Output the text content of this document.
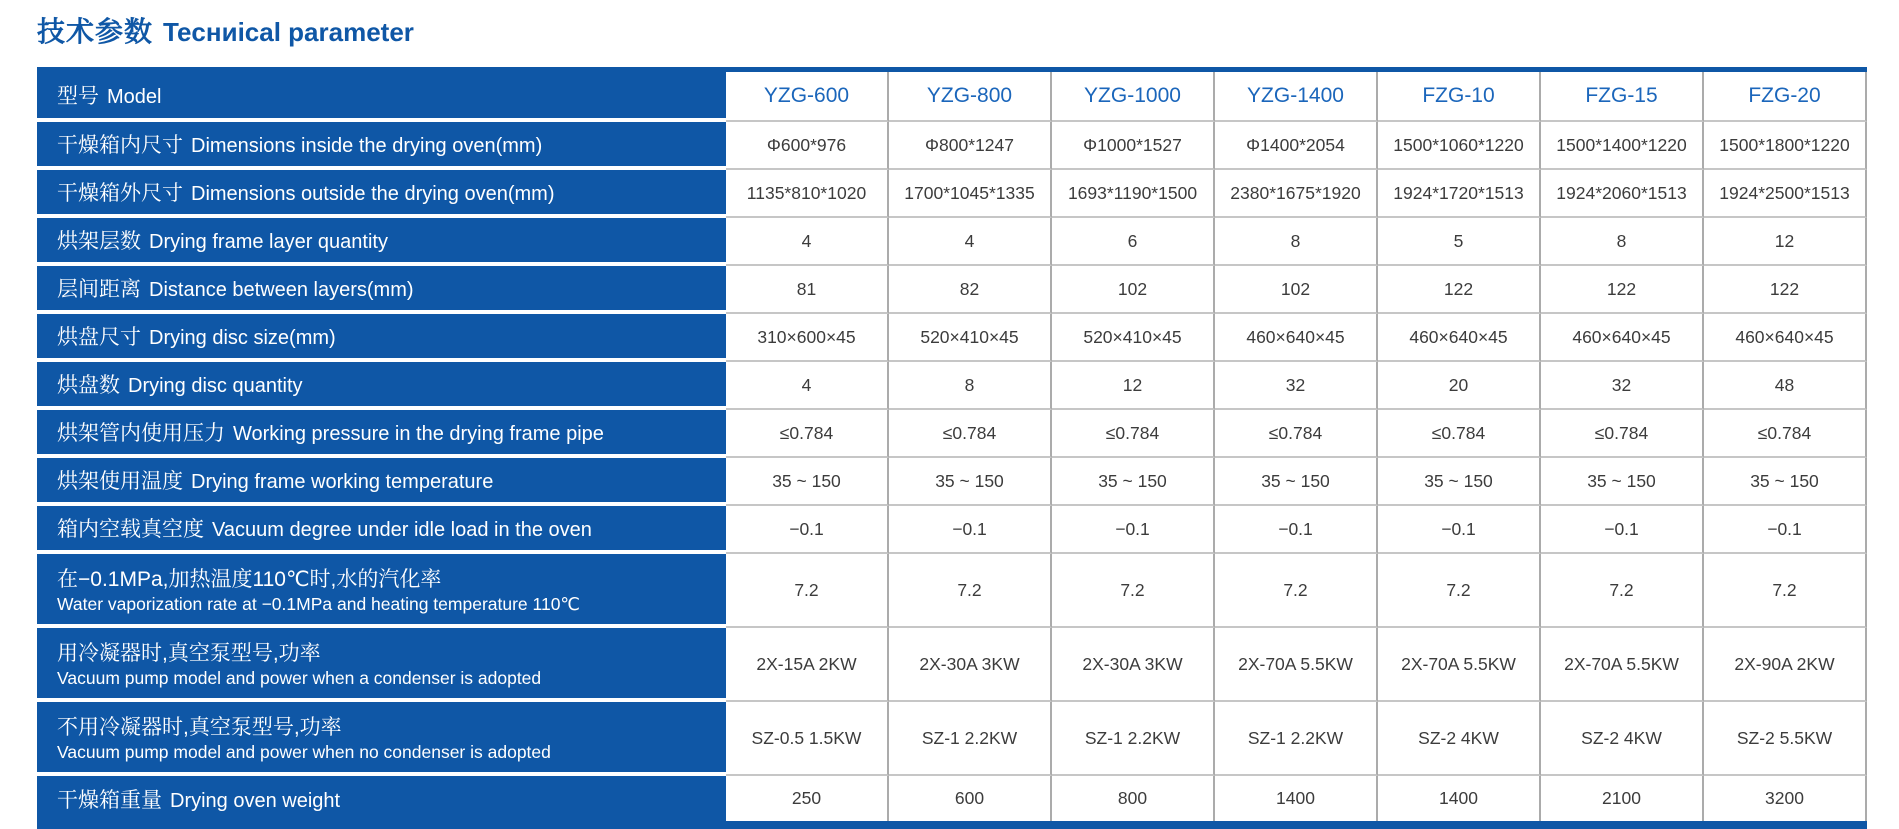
技术参数 Tecниical parameter
型号 Model	YZG-600	YZG-800	YZG-1000	YZG-1400	FZG-10	FZG-15	FZG-20
干燥箱内尺寸 Dimensions inside the drying oven(mm)	Φ600*976	Φ800*1247	Φ1000*1527	Φ1400*2054	1500*1060*1220	1500*1400*1220	1500*1800*1220
干燥箱外尺寸 Dimensions outside the drying oven(mm)	1135*810*1020	1700*1045*1335	1693*1190*1500	2380*1675*1920	1924*1720*1513	1924*2060*1513	1924*2500*1513
烘架层数 Drying frame layer quantity	4	4	6	8	5	8	12
层间距离 Distance between layers(mm)	81	82	102	102	122	122	122
烘盘尺寸 Drying disc size(mm)	310×600×45	520×410×45	520×410×45	460×640×45	460×640×45	460×640×45	460×640×45
烘盘数 Drying disc quantity	4	8	12	32	20	32	48
烘架管内使用压力 Working pressure in the drying frame pipe	≤0.784	≤0.784	≤0.784	≤0.784	≤0.784	≤0.784	≤0.784
烘架使用温度 Drying frame working temperature	35 ~ 150	35 ~ 150	35 ~ 150	35 ~ 150	35 ~ 150	35 ~ 150	35 ~ 150
箱内空载真空度 Vacuum degree under idle load in the oven	−0.1	−0.1	−0.1	−0.1	−0.1	−0.1	−0.1

在−0.1MPa,加热温度110℃时,水的汽化率
Water vaporization rate at −0.1MPa and heating temperature 110℃	7.2	7.2	7.2	7.2	7.2	7.2	7.2

用冷凝器时,真空泵型号,功率
Vacuum pump model and power when a condenser is adopted	2X-15A 2KW	2X-30A 3KW	2X-30A 3KW	2X-70A 5.5KW	2X-70A 5.5KW	2X-70A 5.5KW	2X-90A 2KW

不用冷凝器时,真空泵型号,功率
Vacuum pump model and power when no condenser is adopted	SZ-0.5 1.5KW	SZ-1 2.2KW	SZ-1 2.2KW	SZ-1 2.2KW	SZ-2 4KW	SZ-2 4KW	SZ-2 5.5KW
干燥箱重量 Drying oven weight	250	600	800	1400	1400	2100	3200
